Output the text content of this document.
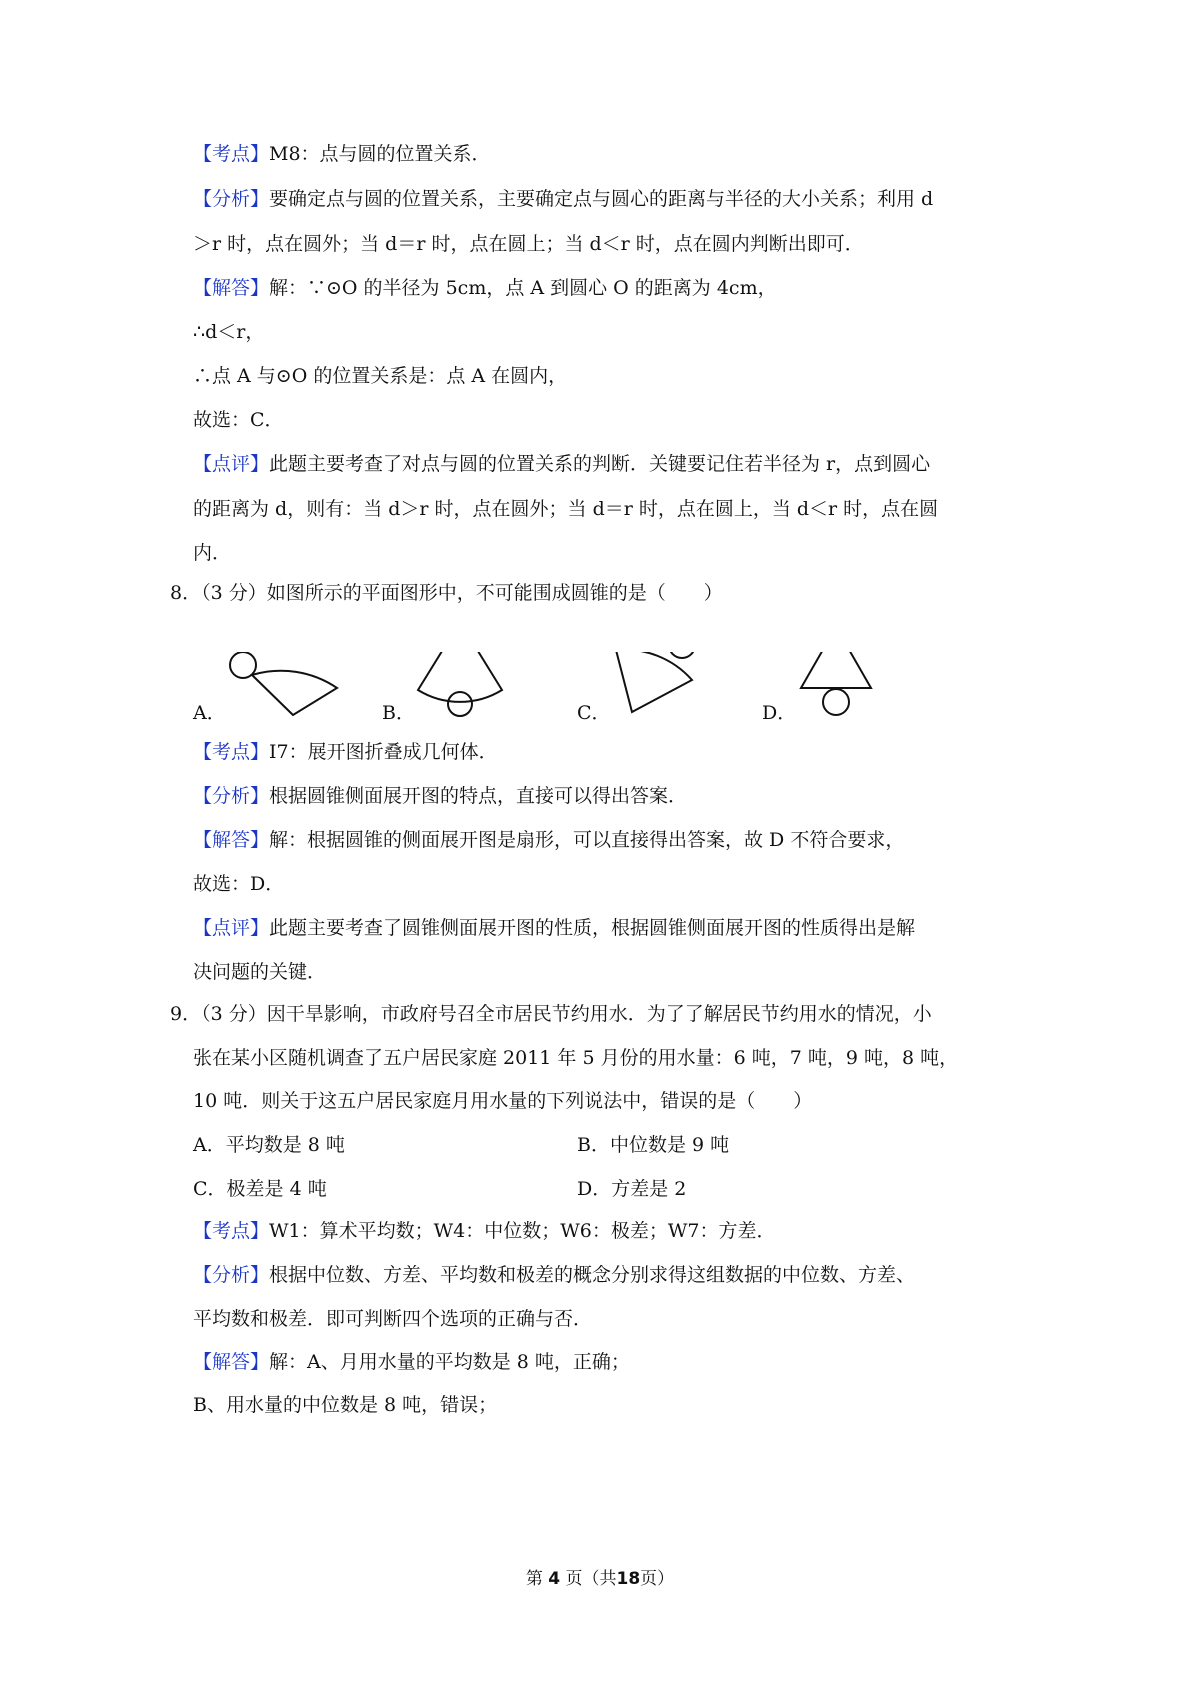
【考点】M8：点与圆的位置关系．
【分析】要确定点与圆的位置关系，主要确定点与圆心的距离与半径的大小关系；利用 d
＞r 时，点在圆外；当 d＝r 时，点在圆上；当 d＜r 时，点在圆内判断出即可．
【解答】解：∵⊙O 的半径为 5cm，点 A 到圆心 O 的距离为 4cm，
∴d＜r，
∴点 A 与⊙O 的位置关系是：点 A 在圆内，
故选：C．
【点评】此题主要考查了对点与圆的位置关系的判断．关键要记住若半径为 r，点到圆心
的距离为 d，则有：当 d＞r 时，点在圆外；当 d＝r 时，点在圆上，当 d＜r 时，点在圆
内．
8．（3 分）如图所示的平面图形中，不可能围成圆锥的是（　　）
A．	B．	C．	D．
【考点】I7：展开图折叠成几何体．
【分析】根据圆锥侧面展开图的特点，直接可以得出答案．
【解答】解：根据圆锥的侧面展开图是扇形，可以直接得出答案，故 D 不符合要求，
故选：D．
【点评】此题主要考查了圆锥侧面展开图的性质，根据圆锥侧面展开图的性质得出是解
决问题的关键．
9．（3 分）因干旱影响，市政府号召全市居民节约用水．为了了解居民节约用水的情况，小
张在某小区随机调查了五户居民家庭 2011 年 5 月份的用水量：6 吨，7 吨，9 吨，8 吨，
10 吨．则关于这五户居民家庭月用水量的下列说法中，错误的是（　　）
A．平均数是 8 吨	B．中位数是 9 吨
C．极差是 4 吨	D．方差是 2
【考点】W1：算术平均数；W4：中位数；W6：极差；W7：方差．
【分析】根据中位数、方差、平均数和极差的概念分别求得这组数据的中位数、方差、
平均数和极差．即可判断四个选项的正确与否．
【解答】解：A、月用水量的平均数是 8 吨，正确；
B、用水量的中位数是 8 吨，错误；
第 4 页（共18页）
